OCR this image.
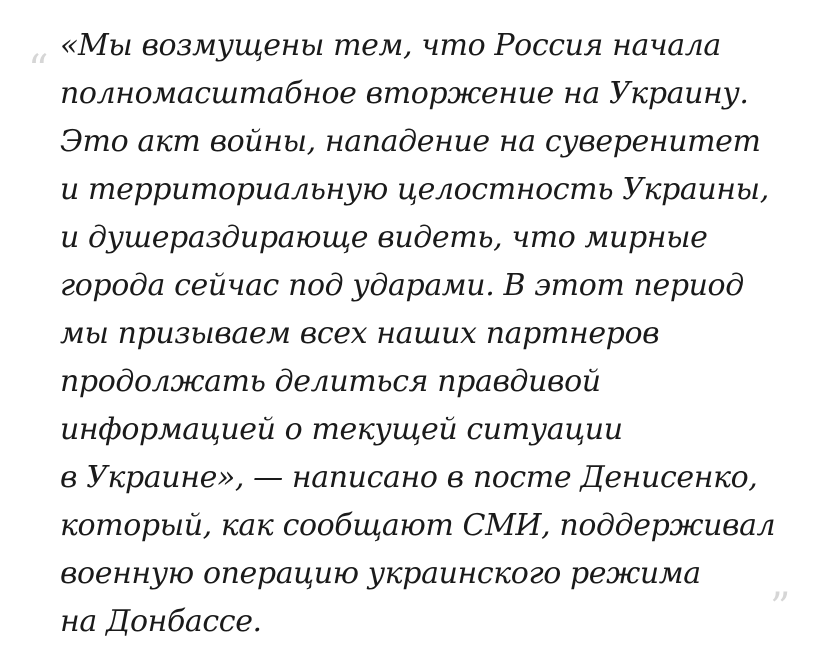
“

«Мы возмущены тем, что Россия начала
полномасштабное вторжение на Украину.
Это акт войны, нападение на суверенитет
и территориальную целостность Украины,
и душераздирающе видеть, что мирные
города сейчас под ударами. В этот период
мы призываем всех наших партнеров
продолжать делиться правдивой
информацией о текущей ситуации
в Украине», — написано в посте Денисенко,
который, как сообщают СМИ, поддерживал
военную операцию украинского режима
на Донбассе.	”
